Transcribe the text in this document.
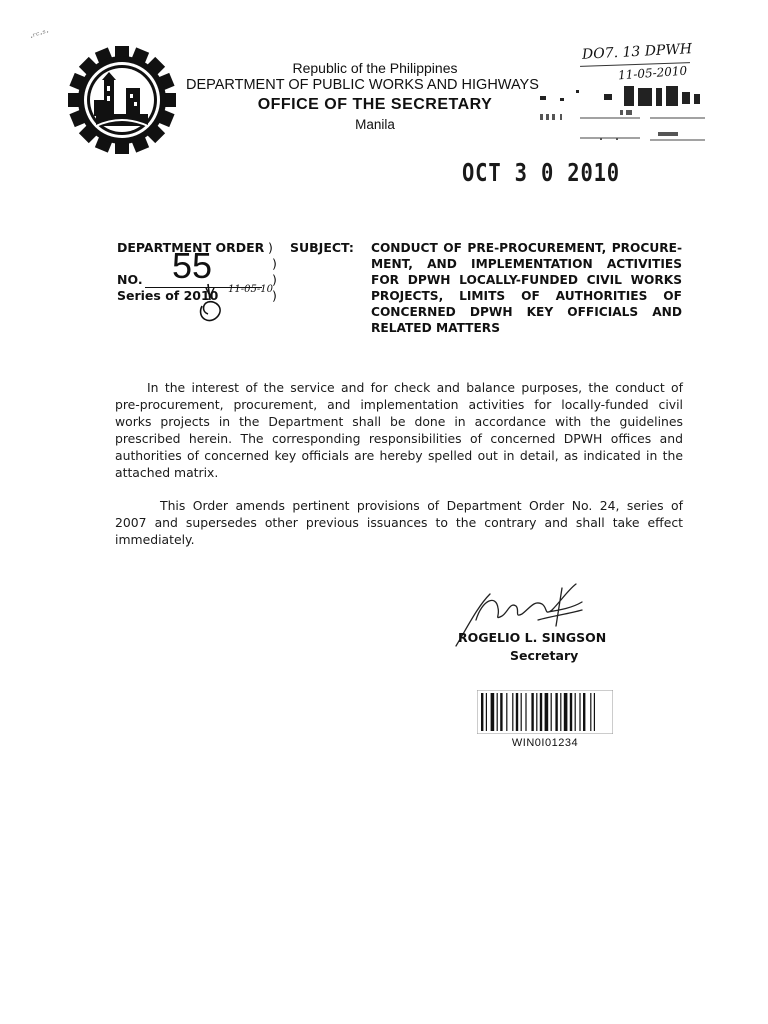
·ʳᶜ·ˢ·
Republic of the Philippines
DEPARTMENT OF PUBLIC WORKS AND HIGHWAYS
OFFICE OF THE SECRETARY
Manila
DO7. 13 DPWH
11-05-2010
OCT 3 0 2010
DEPARTMENT ORDER )
)
NO. 55	)
Series of 2010 11-05-10 )
SUBJECT: CONDUCT OF PRE-PROCUREMENT, PROCURE-
MENT, AND IMPLEMENTATION ACTIVITIES
FOR DPWH LOCALLY-FUNDED CIVIL WORKS
PROJECTS, LIMITS OF AUTHORITIES OF
CONCERNED DPWH KEY OFFICIALS AND
RELATED MATTERS
In the interest of the service and for check and balance purposes, the conduct of
pre-procurement, procurement, and implementation activities for locally-funded civil
works projects in the Department shall be done in accordance with the guidelines
prescribed herein. The corresponding responsibilities of concerned DPWH offices and
authorities of concerned key officials are hereby spelled out in detail, as indicated in the
attached matrix.
This Order amends pertinent provisions of Department Order No. 24, series of
2007 and supersedes other previous issuances to the contrary and shall take effect
immediately.
ROGELIO L. SINGSON
Secretary
WIN0I01234
